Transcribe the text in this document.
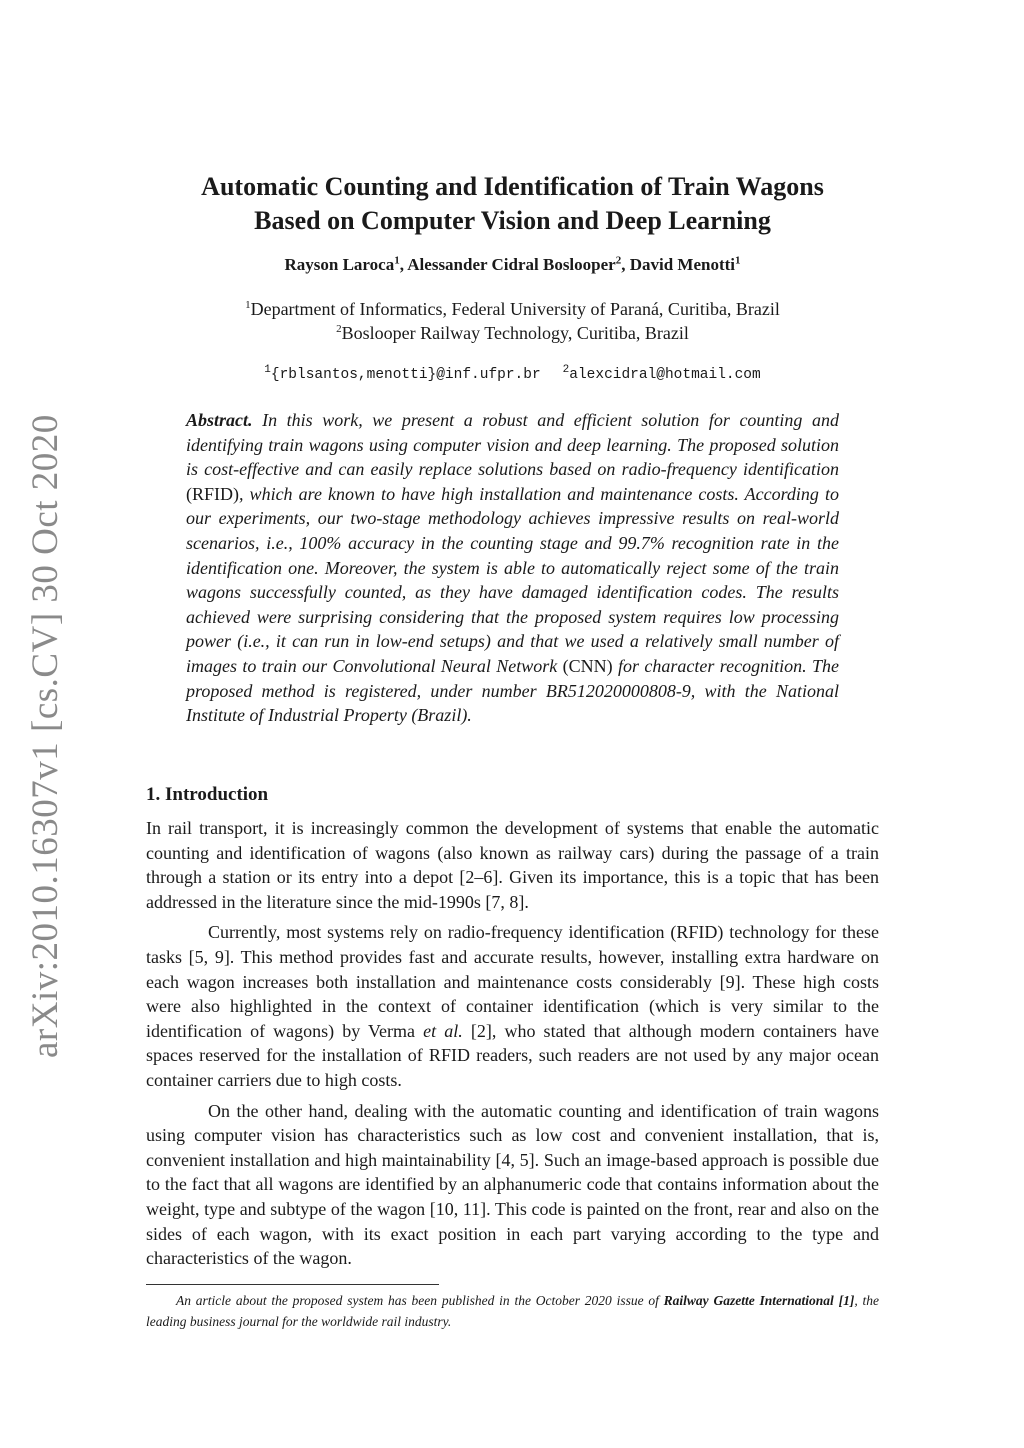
arXiv:2010.16307v1 [cs.CV] 30 Oct 2020
Automatic Counting and Identification of Train Wagons
Based on Computer Vision and Deep Learning
Rayson Laroca$^1$, Alessander Cidral Boslooper$^2$, David Menotti$^1$
$^1$Department of Informatics, Federal University of Paraná, Curitiba, Brazil
$^2$Boslooper Railway Technology, Curitiba, Brazil
$^1${rblsantos,menotti}@inf.ufpr.br $^2$alexcidral@hotmail.com
Abstract. In this work, we present a robust and efficient solution for counting and identifying train wagons using computer vision and deep learning. The proposed solution is cost-effective and can easily replace solutions based on radio-frequency identification (RFID), which are known to have high installation and maintenance costs. According to our experiments, our two-stage methodology achieves impressive results on real-world scenarios, i.e., 100% accuracy in the counting stage and 99.7% recognition rate in the identification one. Moreover, the system is able to automatically reject some of the train wagons successfully counted, as they have damaged identification codes. The results achieved were surprising considering that the proposed system requires low processing power (i.e., it can run in low-end setups) and that we used a relatively small number of images to train our Convolutional Neural Network (CNN) for character recognition. The proposed method is registered, under number BR512020000808-9, with the National Institute of Industrial Property (Brazil).
1. Introduction

In rail transport, it is increasingly common the development of systems that enable the automatic counting and identification of wagons (also known as railway cars) during the passage of a train through a station or its entry into a depot [2–6]. Given its importance, this is a topic that has been addressed in the literature since the mid-1990s [7, 8].

Currently, most systems rely on radio-frequency identification (RFID) technology for these tasks [5, 9]. This method provides fast and accurate results, however, installing extra hardware on each wagon increases both installation and maintenance costs considerably [9]. These high costs were also highlighted in the context of container identification (which is very similar to the identification of wagons) by Verma et al. [2], who stated that although modern containers have spaces reserved for the installation of RFID readers, such readers are not used by any major ocean container carriers due to high costs.

On the other hand, dealing with the automatic counting and identification of train wagons using computer vision has characteristics such as low cost and convenient installation, that is, convenient installation and high maintainability [4, 5]. Such an image-based approach is possible due to the fact that all wagons are identified by an alphanumeric code that contains information about the weight, type and subtype of the wagon [10, 11]. This code is painted on the front, rear and also on the sides of each wagon, with its exact position in each part varying according to the type and characteristics of the wagon.

An article about the proposed system has been published in the October 2020 issue of Railway Gazette International [1], the leading business journal for the worldwide rail industry.
